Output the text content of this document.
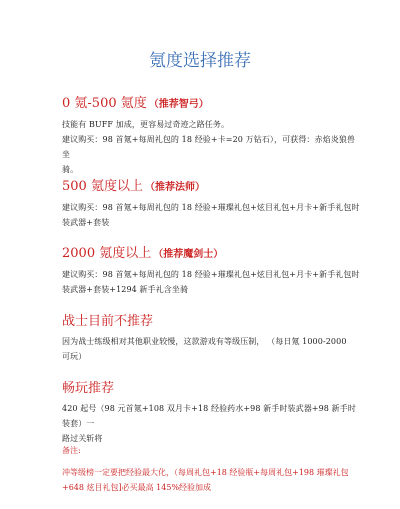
氪度选择推荐
0 氪-500 氪度 （推荐智弓）
技能有 BUFF 加成，更容易过奇迹之路任务。
建议购买：98 首氪+每周礼包的 18 经验+卡=20 万钻石），可获得：赤焰炎狼兽坐
骑。
500 氪度以上 （推荐法师）
建议购买：98 首氪+每周礼包的 18 经验+璀璨礼包+炫目礼包+月卡+新手礼包时
装武器+套装
2000 氪度以上 （推荐魔剑士）
建议购买：98 首氪+每周礼包的 18 经验+璀璨礼包+炫目礼包+月卡+新手礼包时
装武器+套装+1294 新手礼含坐骑
战士目前不推荐
因为战士练级相对其他职业较慢，这款游戏有等级压制， （每日氪 1000-2000
可玩）
畅玩推荐
420 起号（98 元首氪+108 双月卡+18 经验药水+98 新手时装武器+98 新手时装套）一
路过关斩将
备注:
冲等级榜一定要把经验最大化，（每周礼包+18 经验瓶+每周礼包+198 璀璨礼包
+648 炫目礼包]必买最高 145%经验加成
